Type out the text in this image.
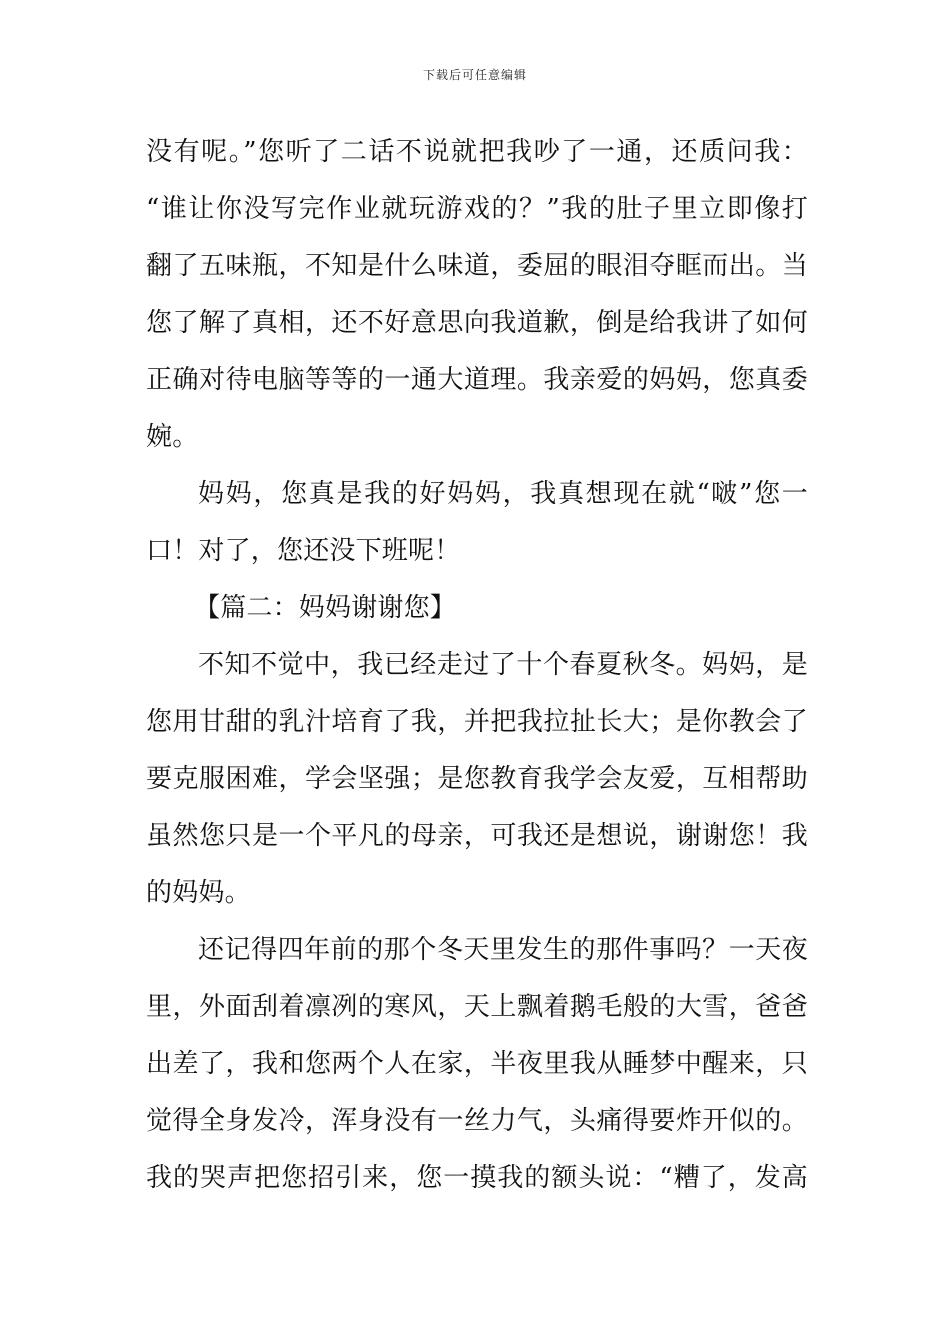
下载后可任意编辑
没有呢。”您听了二话不说就把我吵了一通，还质问我：
“谁让你没写完作业就玩游戏的？”我的肚子里立即像打
翻了五味瓶，不知是什么味道，委屈的眼泪夺眶而出。当
您了解了真相，还不好意思向我道歉，倒是给我讲了如何
正确对待电脑等等的一通大道理。我亲爱的妈妈，您真委
婉。
妈妈，您真是我的好妈妈，我真想现在就“啵”您一
口！对了，您还没下班呢！
【篇二：妈妈谢谢您】
不知不觉中，我已经走过了十个春夏秋冬。妈妈，是
您用甘甜的乳汁培育了我，并把我拉扯长大；是你教会了
要克服困难，学会坚强；是您教育我学会友爱，互相帮助
虽然您只是一个平凡的母亲，可我还是想说，谢谢您！我
的妈妈。
还记得四年前的那个冬天里发生的那件事吗？一天夜
里，外面刮着凛冽的寒风，天上飘着鹅毛般的大雪，爸爸
出差了，我和您两个人在家，半夜里我从睡梦中醒来，只
觉得全身发冷，浑身没有一丝力气，头痛得要炸开似的。
我的哭声把您招引来，您一摸我的额头说：“糟了，发高
